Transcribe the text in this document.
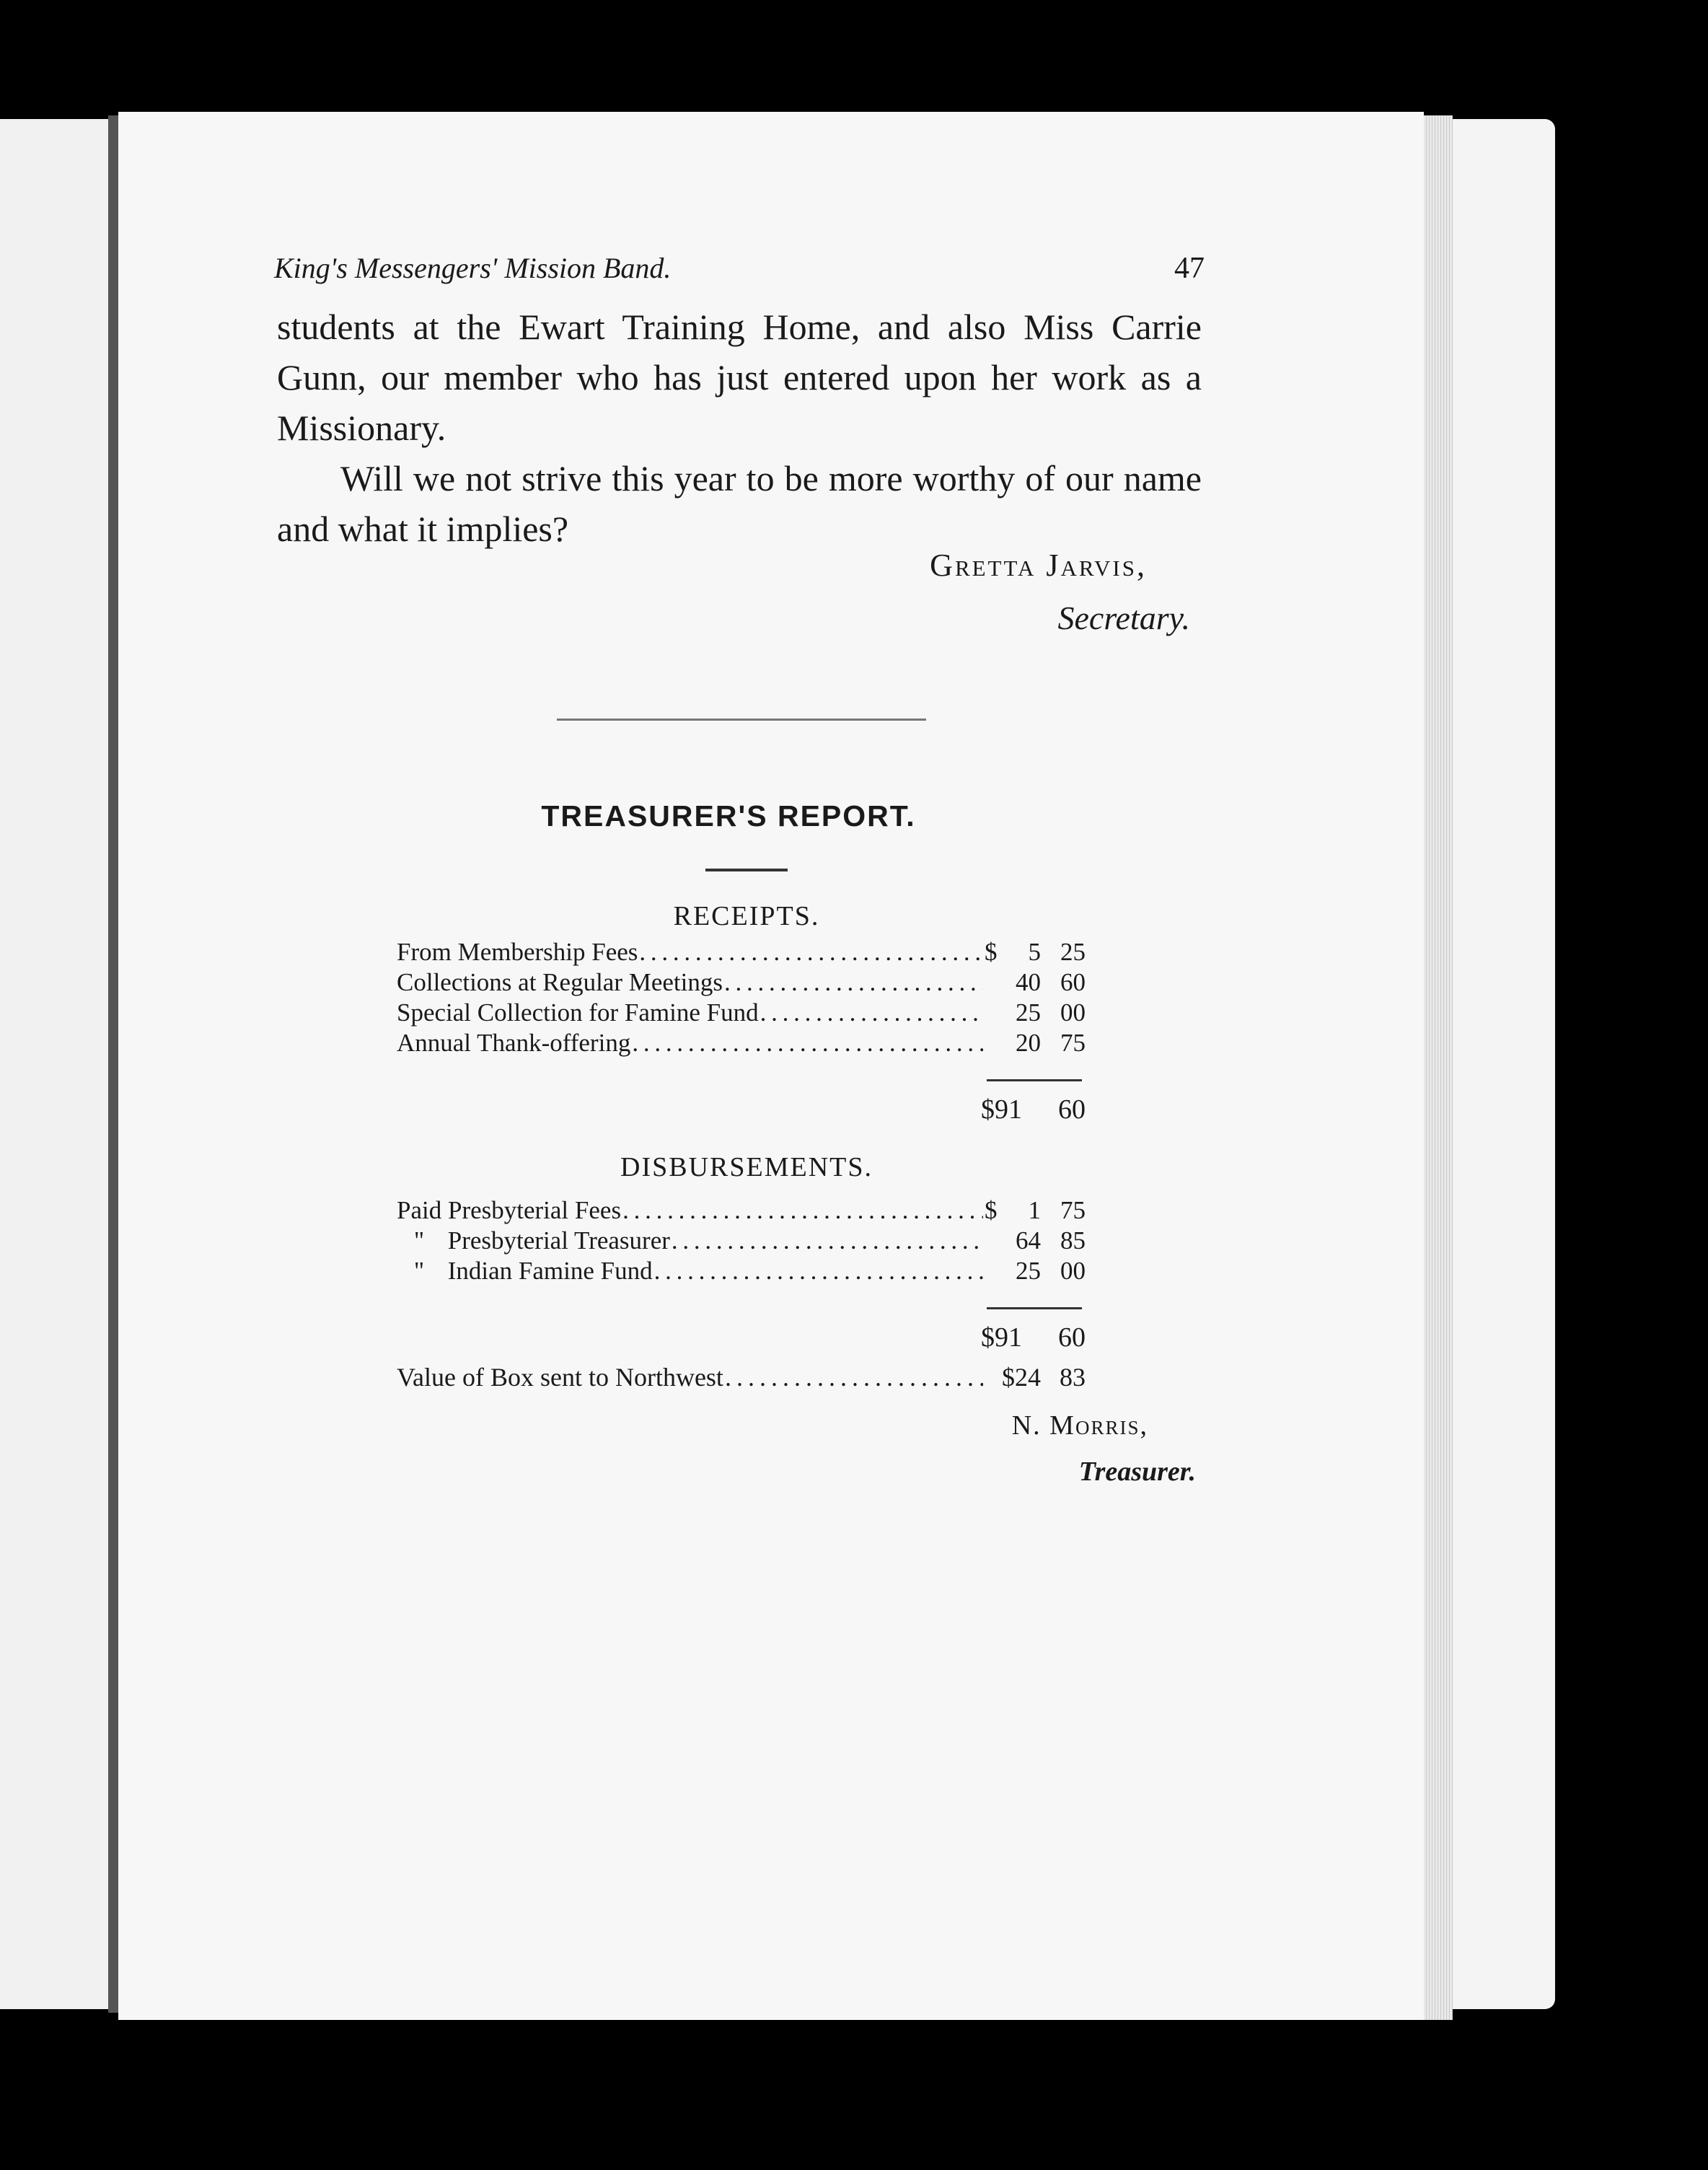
King's Messengers' Mission Band.	47

students at the Ewart Training Home, and also Miss Carrie Gunn, our member who has just entered upon her work as a Missionary.

Will we not strive this year to be more worthy of our name and what it implies?

Gretta Jarvis,
Secretary.
TREASURER'S REPORT.
RECEIPTS.
From Membership Fees . . .	$	5 25
Collections at Regular Meetings . . .	40 60
Special Collection for Famine Fund . . .	25 00
Annual Thank-offering . . .	20 75
$91 60
DISBURSEMENTS.
Paid Presbyterial Fees . . .	$	1 75
" Presbyterial Treasurer . . .	64 85
" Indian Famine Fund . . .	25 00
$91 60
Value of Box sent to Northwest . . .	$24 83
N. Morris,
Treasurer.
